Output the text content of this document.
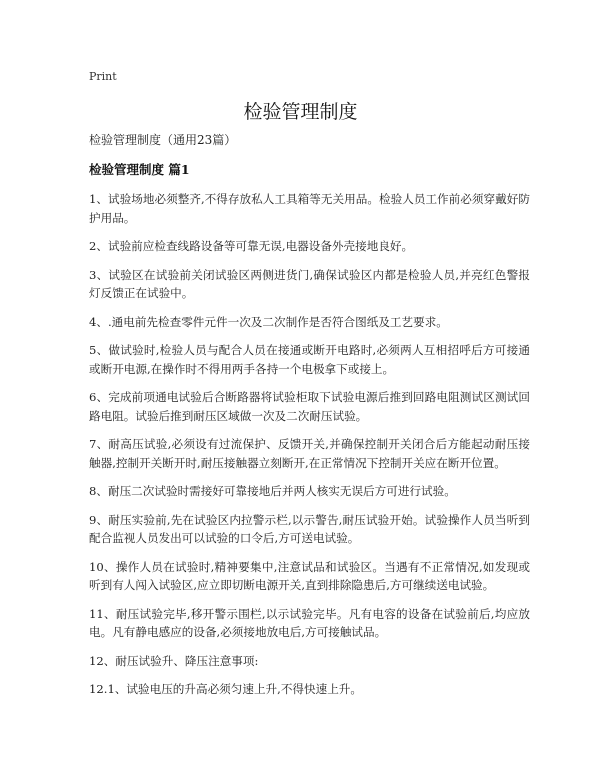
Print
检验管理制度
检验管理制度（通用23篇）
检验管理制度 篇1

1、试验场地必须整齐,不得存放私人工具箱等无关用品。检验人员工作前必须穿戴好防护用品。

2、试验前应检查线路设备等可靠无误,电器设备外壳接地良好。

3、试验区在试验前关闭试验区两侧进货门,确保试验区内都是检验人员,并亮红色警报灯反馈正在试验中。

4、.通电前先检查零件元件一次及二次制作是否符合图纸及工艺要求。

5、做试验时,检验人员与配合人员在接通或断开电路时,必须两人互相招呼后方可接通或断开电源,在操作时不得用两手各持一个电极拿下或接上。

6、完成前项通电试验后合断路器将试验柜取下试验电源后推到回路电阻测试区测试回路电阻。试验后推到耐压区域做一次及二次耐压试验。

7、耐高压试验,必须设有过流保护、反馈开关,并确保控制开关闭合后方能起动耐压接触器,控制开关断开时,耐压接触器立刻断开,在正常情况下控制开关应在断开位置。

8、耐压二次试验时需接好可靠接地后并两人核实无误后方可进行试验。

9、耐压实验前,先在试验区内拉警示栏,以示警告,耐压试验开始。试验操作人员当听到配合监视人员发出可以试验的口令后,方可送电试验。

10、操作人员在试验时,精神要集中,注意试品和试验区。当遇有不正常情况,如发现或听到有人闯入试验区,应立即切断电源开关,直到排除隐患后,方可继续送电试验。

11、耐压试验完毕,移开警示围栏,以示试验完毕。凡有电容的设备在试验前后,均应放电。凡有静电感应的设备,必须接地放电后,方可接触试品。

12、耐压试验升、降压注意事项:

12.1、试验电压的升高必须匀速上升,不得快速上升。
